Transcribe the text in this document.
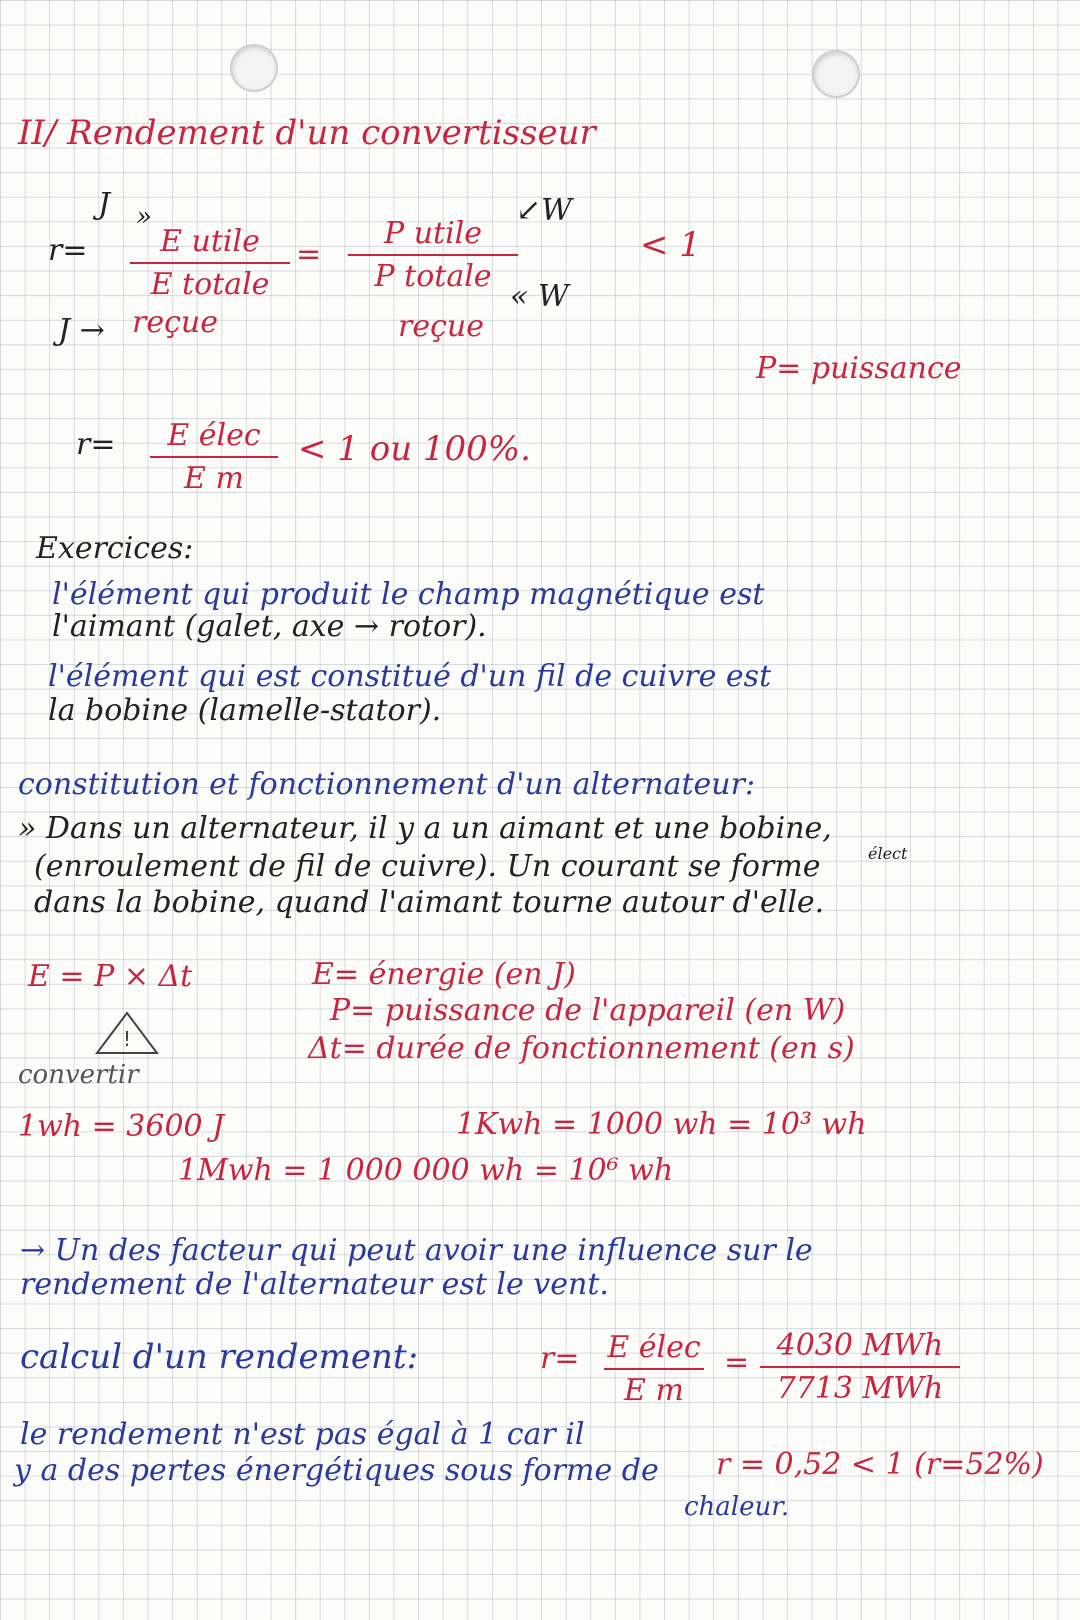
II/ Rendement d'un convertisseur
J »
r= E utile
E totale
J → reçue
=
P utile
P totale
↙W
« W
reçue
< 1
P= puissance
r= E élec
E m
< 1 ou 100%.
Exercices:
l'élément qui produit le champ magnétique est
l'aimant (galet, axe → rotor).
l'élément qui est constitué d'un fil de cuivre est
la bobine (lamelle-stator).
constitution et fonctionnement d'un alternateur:
» Dans un alternateur, il y a un aimant et une bobine,
(enroulement de fil de cuivre). Un courant se forme	élect
dans la bobine, quand l'aimant tourne autour d'elle.
E = P × Δt
!
convertir
E= énergie (en J)
P= puissance de l'appareil (en W)
Δt= durée de fonctionnement (en s)
1wh = 3600 J	1Kwh = 1000 wh = 10³ wh
1Mwh = 1 000 000 wh = 10⁶ wh
→ Un des facteur qui peut avoir une influence sur le
rendement de l'alternateur est le vent.
calcul d'un rendement:	r= E élec
E m
= 4030 MWh
7713 MWh
le rendement n'est pas égal à 1 car il
y a des pertes énergétiques sous forme de
chaleur.
r = 0,52 < 1 (r=52%)
